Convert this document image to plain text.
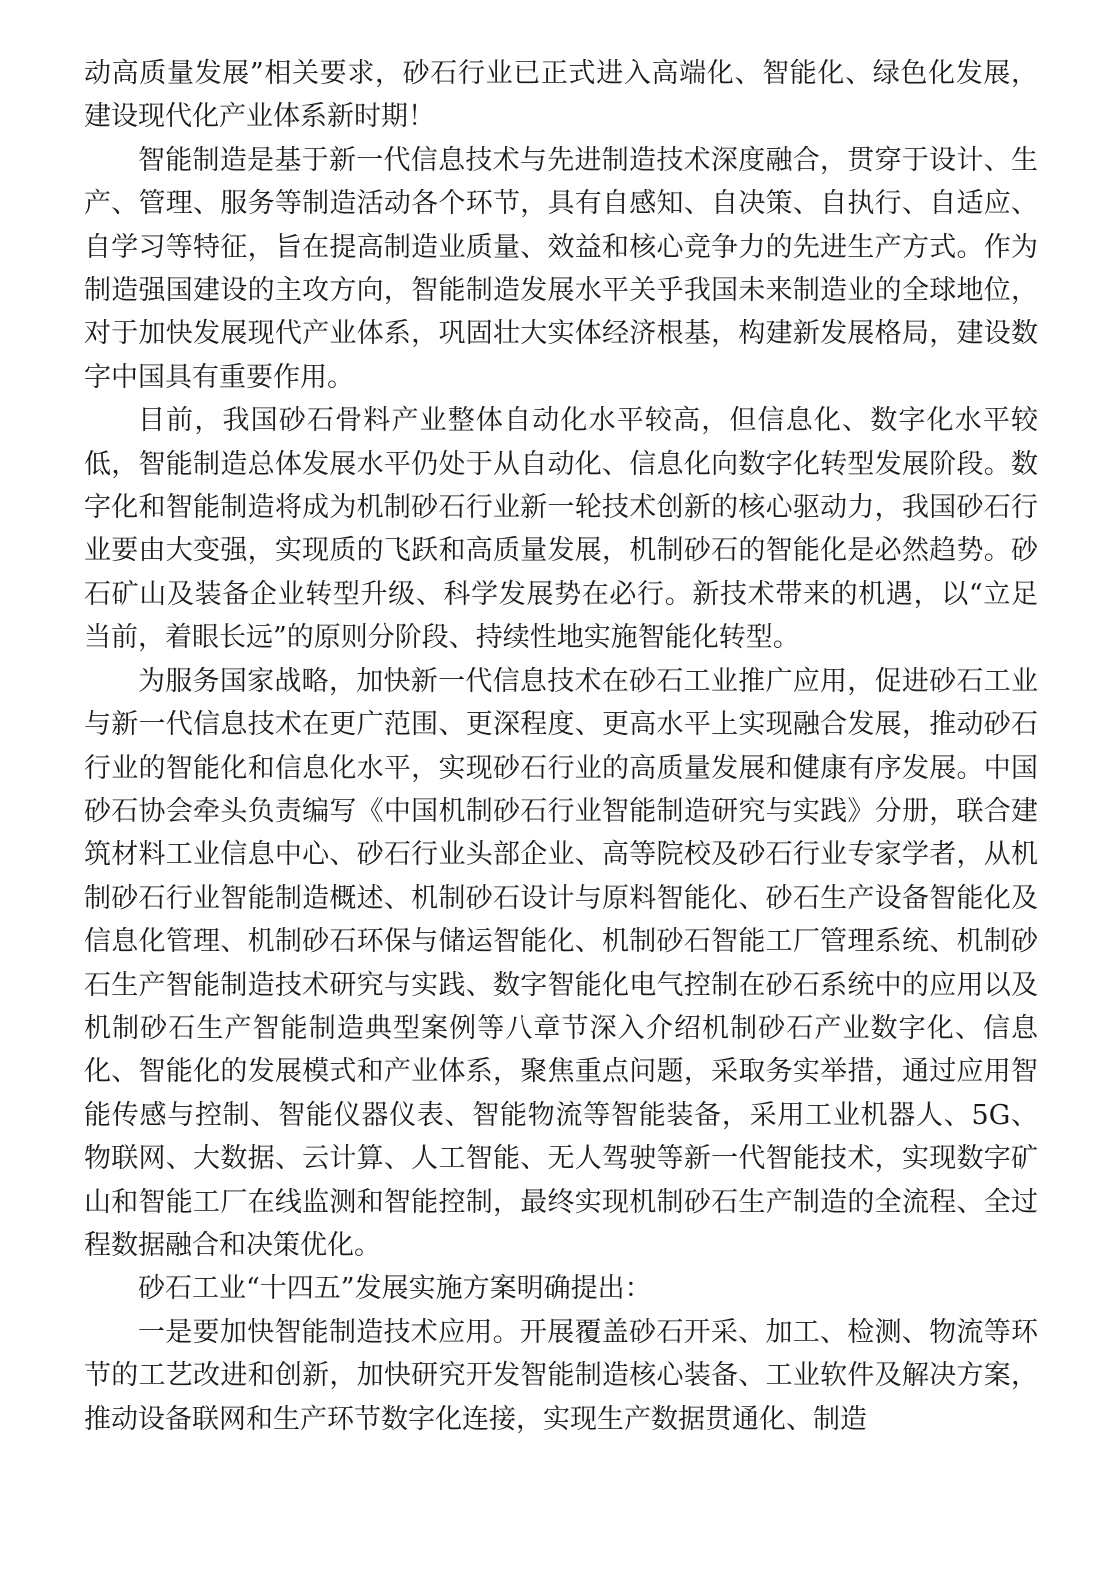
动高质量发展”相关要求，砂石行业已正式进入高端化、智能化、绿色化发展，建设现代化产业体系新时期！

智能制造是基于新一代信息技术与先进制造技术深度融合，贯穿于设计、生产、管理、服务等制造活动各个环节，具有自感知、自决策、自执行、自适应、自学习等特征，旨在提高制造业质量、效益和核心竞争力的先进生产方式。作为制造强国建设的主攻方向，智能制造发展水平关乎我国未来制造业的全球地位，对于加快发展现代产业体系，巩固壮大实体经济根基，构建新发展格局，建设数字中国具有重要作用。

目前，我国砂石骨料产业整体自动化水平较高，但信息化、数字化水平较低，智能制造总体发展水平仍处于从自动化、信息化向数字化转型发展阶段。数字化和智能制造将成为机制砂石行业新一轮技术创新的核心驱动力，我国砂石行业要由大变强，实现质的飞跃和高质量发展，机制砂石的智能化是必然趋势。砂石矿山及装备企业转型升级、科学发展势在必行。新技术带来的机遇，以“立足当前，着眼长远”的原则分阶段、持续性地实施智能化转型。

为服务国家战略，加快新一代信息技术在砂石工业推广应用，促进砂石工业与新一代信息技术在更广范围、更深程度、更高水平上实现融合发展，推动砂石行业的智能化和信息化水平，实现砂石行业的高质量发展和健康有序发展。中国砂石协会牵头负责编写《中国机制砂石行业智能制造研究与实践》分册，联合建筑材料工业信息中心、砂石行业头部企业、高等院校及砂石行业专家学者，从机制砂石行业智能制造概述、机制砂石设计与原料智能化、砂石生产设备智能化及信息化管理、机制砂石环保与储运智能化、机制砂石智能工厂管理系统、机制砂石生产智能制造技术研究与实践、数字智能化电气控制在砂石系统中的应用以及机制砂石生产智能制造典型案例等八章节深入介绍机制砂石产业数字化、信息化、智能化的发展模式和产业体系，聚焦重点问题，采取务实举措，通过应用智能传感与控制、智能仪器仪表、智能物流等智能装备，采用工业机器人、5G、物联网、大数据、云计算、人工智能、无人驾驶等新一代智能技术，实现数字矿山和智能工厂在线监测和智能控制，最终实现机制砂石生产制造的全流程、全过程数据融合和决策优化。

砂石工业“十四五”发展实施方案明确提出：

一是要加快智能制造技术应用。开展覆盖砂石开采、加工、检测、物流等环节的工艺改进和创新，加快研究开发智能制造核心装备、工业软件及解决方案，推动设备联网和生产环节数字化连接，实现生产数据贯通化、制造
